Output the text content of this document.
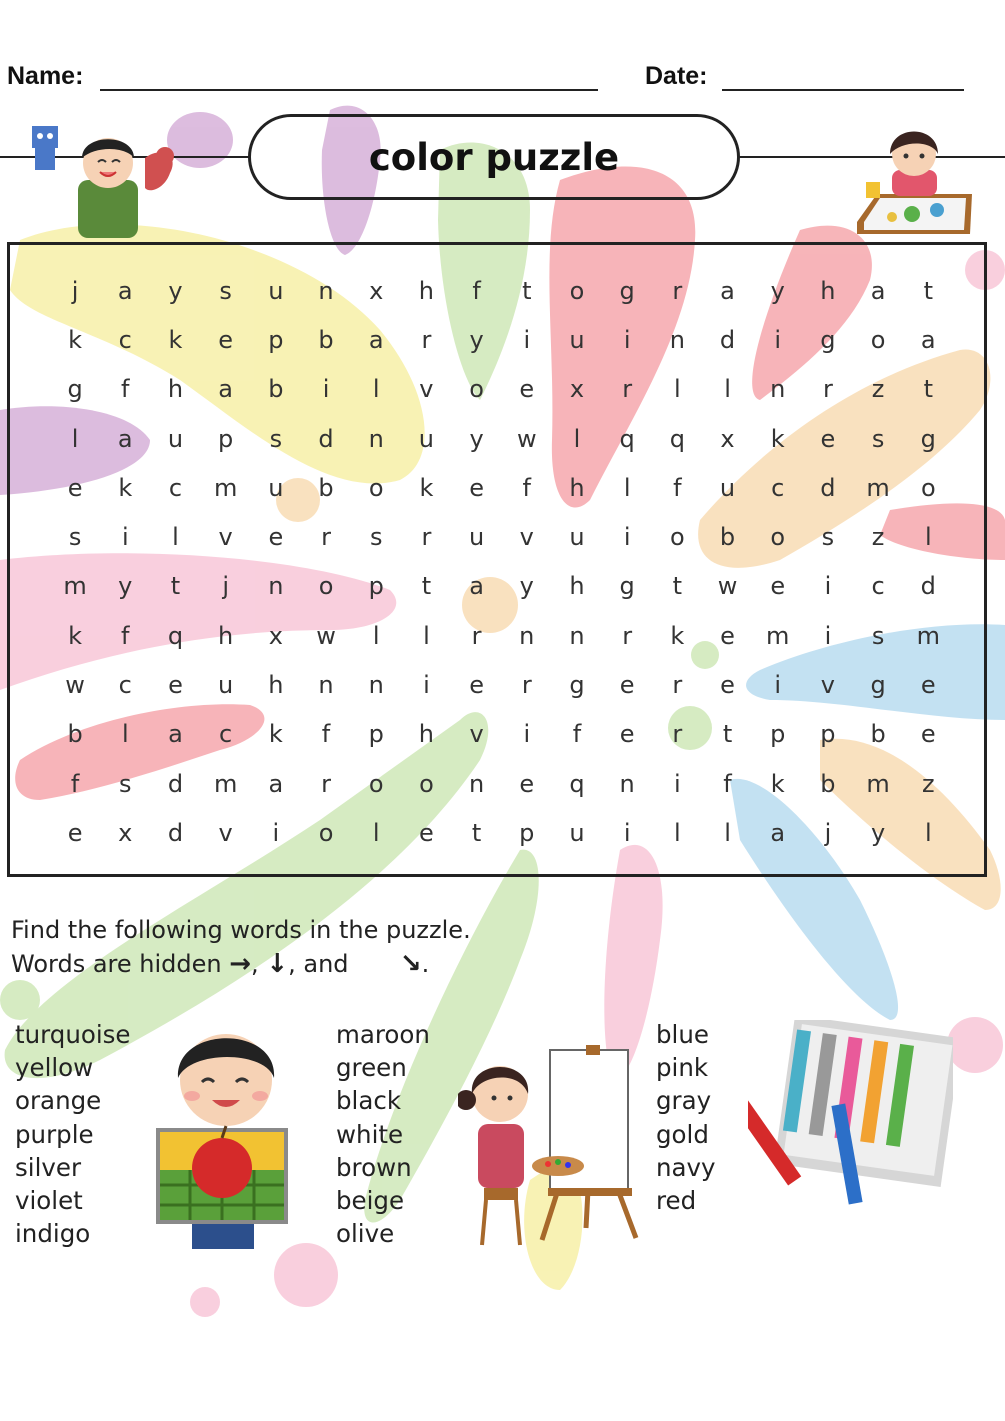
Name:	Date:
color puzzle
j	a	y	s	u	n	x	h	f	t	o	g	r	a	y	h	a	t
k	c	k	e	p	b	a	r	y	i	u	i	n	d	i	g	o	a
g	f	h	a	b	i	l	v	o	e	x	r	l	l	n	r	z	t
l	a	u	p	s	d	n	u	y	w	l	q	q	x	k	e	s	g
e	k	c	m	u	b	o	k	e	f	h	l	f	u	c	d	m	o
s	i	l	v	e	r	s	r	u	v	u	i	o	b	o	s	z	l
m	y	t	j	n	o	p	t	a	y	h	g	t	w	e	i	c	d
k	f	q	h	x	w	l	l	r	n	n	r	k	e	m	i	s	m
w	c	e	u	h	n	n	i	e	r	g	e	r	e	i	v	g	e
b	l	a	c	k	f	p	h	v	i	f	e	r	t	p	p	b	e
f	s	d	m	a	r	o	o	n	e	q	n	i	f	k	b	m	z
e	x	d	v	i	o	l	e	t	p	u	i	l	l	a	j	y	l
Find the following words in the puzzle.
Words are hidden →, ↓, and ↘.
turquoise
yellow
orange
purple
silver
violet
indigo
maroon
green
black
white
brown
beige
olive
blue
pink
gray
gold
navy
red
